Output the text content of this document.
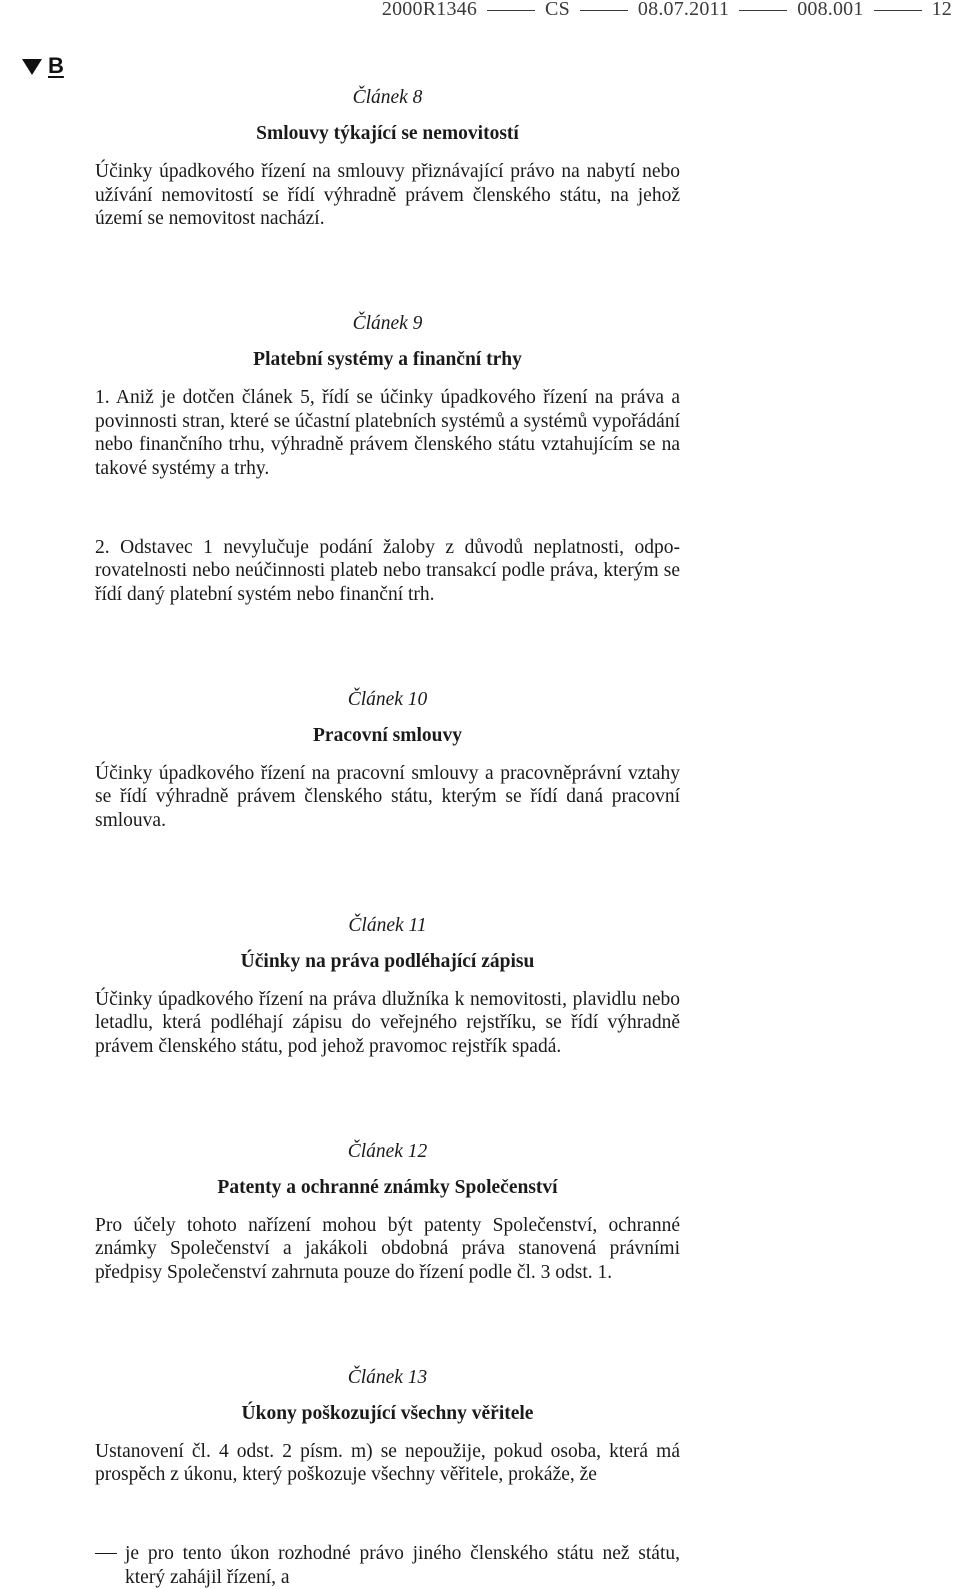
2000R1346	CS	08.07.2011	008.001	12
B
Článek 8
Smlouvy týkající se nemovitostí

Účinky úpadkového řízení na smlouvy přiznávající právo na nabytí nebo užívání nemovitostí se řídí výhradně právem členského státu, na jehož území se nemovitost nachází.

Článek 9
Platební systémy a finanční trhy

1. Aniž je dotčen článek 5, řídí se účinky úpadkového řízení na práva a povinnosti stran, které se účastní platebních systémů a systémů vypořádání nebo finančního trhu, výhradně právem členského státu vztahujícím se na takové systémy a trhy.

2. Odstavec 1 nevylučuje podání žaloby z důvodů neplatnosti, odporovatelnosti nebo neúčinnosti plateb nebo transakcí podle práva, kterým se řídí daný platební systém nebo finanční trh.

Článek 10
Pracovní smlouvy

Účinky úpadkového řízení na pracovní smlouvy a pracovněprávní vztahy se řídí výhradně právem členského státu, kterým se řídí daná pracovní smlouva.

Článek 11
Účinky na práva podléhající zápisu

Účinky úpadkového řízení na práva dlužníka k nemovitosti, plavidlu nebo letadlu, která podléhají zápisu do veřejného rejstříku, se řídí výhradně právem členského státu, pod jehož pravomoc rejstřík spadá.

Článek 12
Patenty a ochranné známky Společenství

Pro účely tohoto nařízení mohou být patenty Společenství, ochranné známky Společenství a jakákoli obdobná práva stanovená právními předpisy Společenství zahrnuta pouze do řízení podle čl. 3 odst. 1.

Článek 13
Úkony poškozující všechny věřitele

Ustanovení čl. 4 odst. 2 písm. m) se nepoužije, pokud osoba, která má prospěch z úkonu, který poškozuje všechny věřitele, prokáže, že

je pro tento úkon rozhodné právo jiného členského státu než státu, který zahájil řízení, a
